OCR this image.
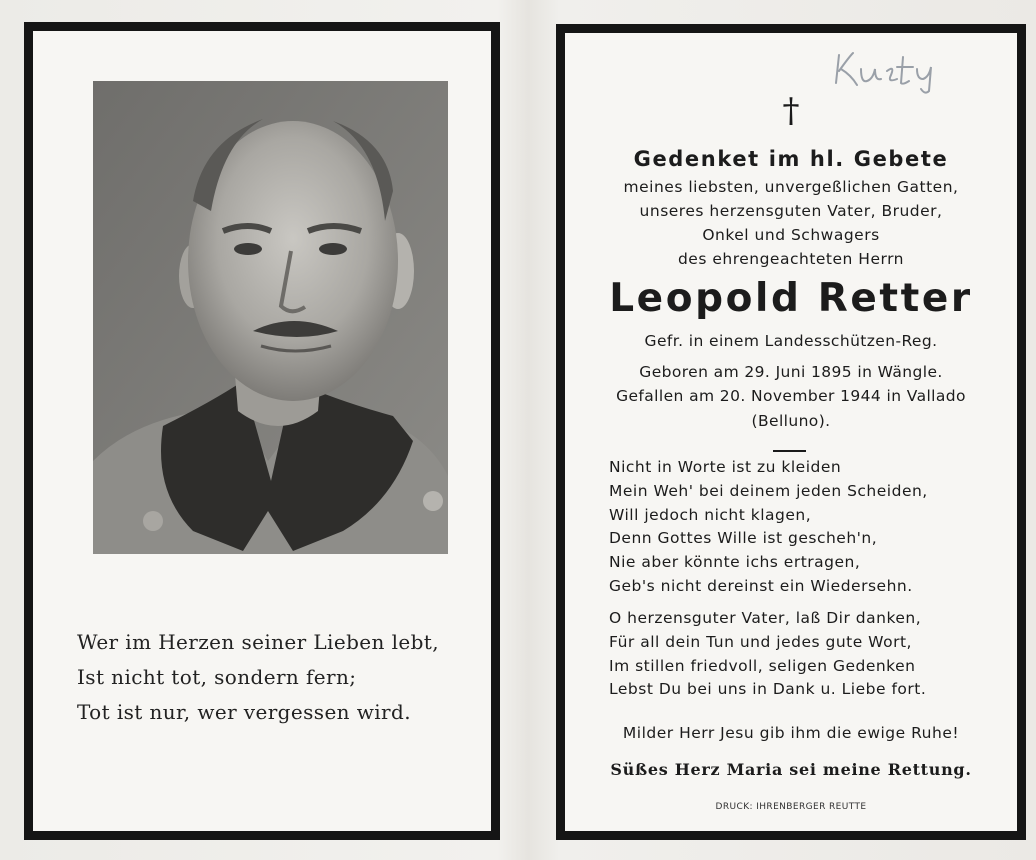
Wer im Herzen seiner Lieben lebt,
Ist nicht tot, sondern fern;
Tot ist nur, wer vergessen wird.
†
Gedenket im hl. Gebete
meines liebsten, unvergeßlichen Gatten,
unseres herzensguten Vater, Bruder,
Onkel und Schwagers
des ehrengeachteten Herrn
Leopold Retter
Gefr. in einem Landesschützen-Reg.
Geboren am 29. Juni 1895 in Wängle.
Gefallen am 20. November 1944 in Vallado
(Belluno).
Nicht in Worte ist zu kleiden
Mein Weh' bei deinem jeden Scheiden,
Will jedoch nicht klagen,
Denn Gottes Wille ist gescheh'n,
Nie aber könnte ichs ertragen,
Geb's nicht dereinst ein Wiedersehn.
O herzensguter Vater, laß Dir danken,
Für all dein Tun und jedes gute Wort,
Im stillen friedvoll, seligen Gedenken
Lebst Du bei uns in Dank u. Liebe fort.
Milder Herr Jesu gib ihm die ewige Ruhe!
Süßes Herz Maria sei meine Rettung.
DRUCK: IHRENBERGER REUTTE
